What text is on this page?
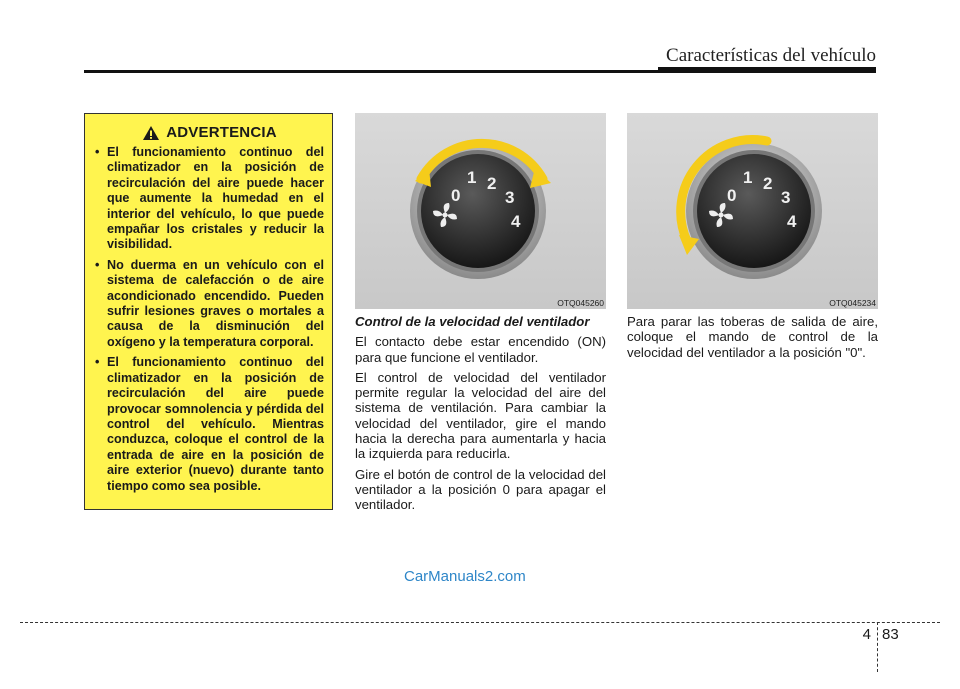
Características del vehículo
ADVERTENCIA
• El funcionamiento continuo del climatizador en la posición de recirculación del aire puede hacer que aumente la humedad en el interior del vehículo, lo que puede empañar los cristales y reducir la visibilidad.
• No duerma en un vehículo con el sistema de calefacción o de aire acondicionado encendido. Pueden sufrir lesiones graves o mortales a causa de la disminución del oxígeno y la temperatura corporal.
• El funcionamiento continuo del climatizador en la posición de recirculación del aire puede provocar somnolencia y pérdida del control del vehículo. Mientras conduzca, coloque el control de la entrada de aire en la posición de aire exterior (nuevo) durante tanto tiempo como sea posible.
0
1 2
3
4
OTQ045260
0
1 2
3
4
OTQ045234
Control de la velocidad del ventilador

El contacto debe estar encendido (ON) para que funcione el ventilador.

El control de velocidad del ventilador permite regular la velocidad del aire del sistema de ventilación. Para cambiar la velocidad del ventilador, gire el mando hacia la derecha para aumentarla y hacia la izquierda para reducirla.

Gire el botón de control de la velocidad del ventilador a la posición 0 para apagar el ventilador.

Para parar las toberas de salida de aire, coloque el mando de control de la velocidad del ventilador a la posición "0".

CarManuals2.com
4 83
